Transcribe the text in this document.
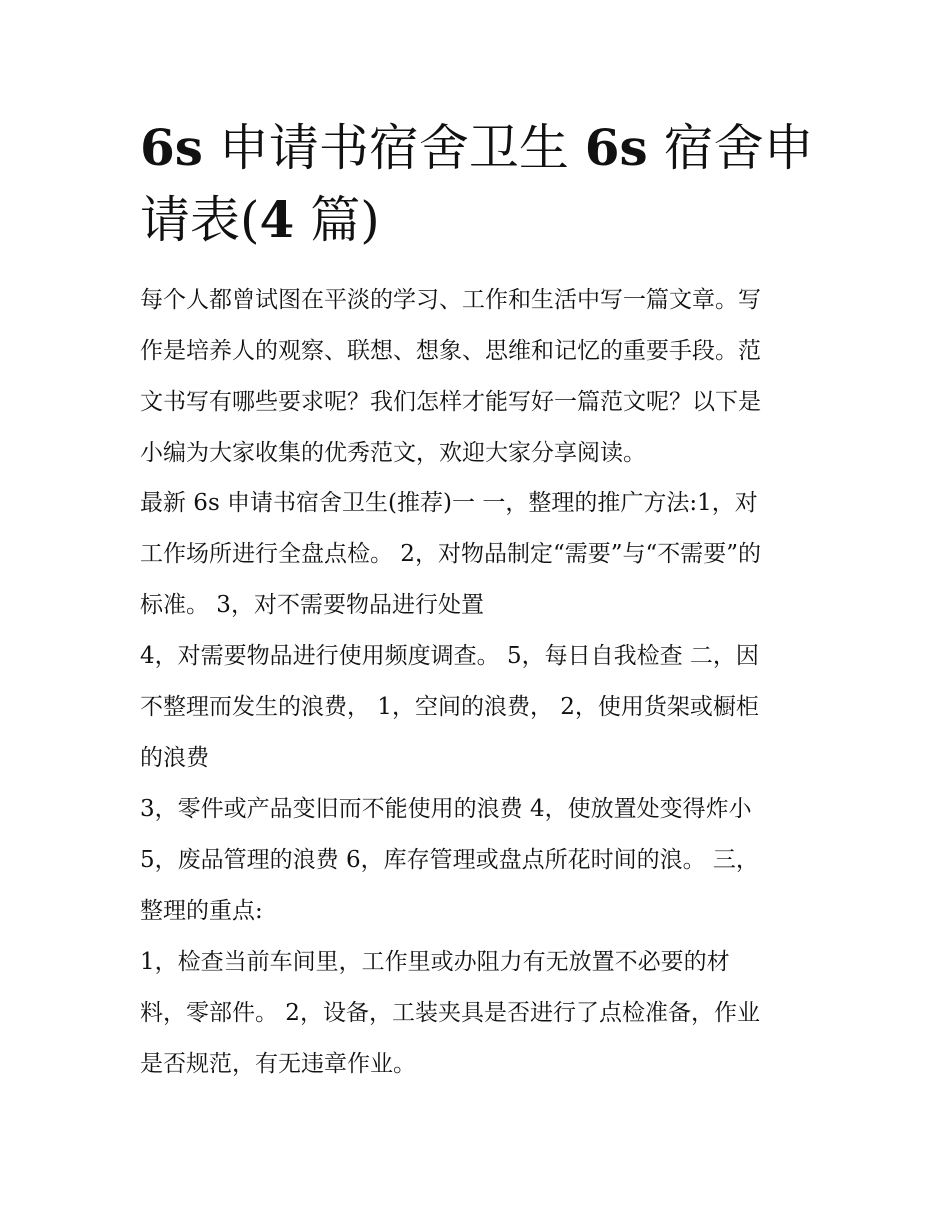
6s 申请书宿舍卫生 6s 宿舍申请表(4 篇)

每个人都曾试图在平淡的学习、工作和生活中写一篇文章。写
作是培养人的观察、联想、想象、思维和记忆的重要手段。范
文书写有哪些要求呢？我们怎样才能写好一篇范文呢？以下是
小编为大家收集的优秀范文，欢迎大家分享阅读。

最新 6s 申请书宿舍卫生(推荐)一 一，整理的推广方法:1，对
工作场所进行全盘点检。 2，对物品制定“需要”与“不需要”的
标准。 3，对不需要物品进行处置

4，对需要物品进行使用频度调查。 5，每日自我检查 二，因
不整理而发生的浪费， 1，空间的浪费， 2，使用货架或橱柜
的浪费

3，零件或产品变旧而不能使用的浪费 4，使放置处变得炸小
5，废品管理的浪费 6，库存管理或盘点所花时间的浪。 三，
整理的重点:

1，检查当前车间里，工作里或办阻力有无放置不必要的材
料，零部件。 2，设备，工装夹具是否进行了点检准备，作业
是否规范，有无违章作业。
